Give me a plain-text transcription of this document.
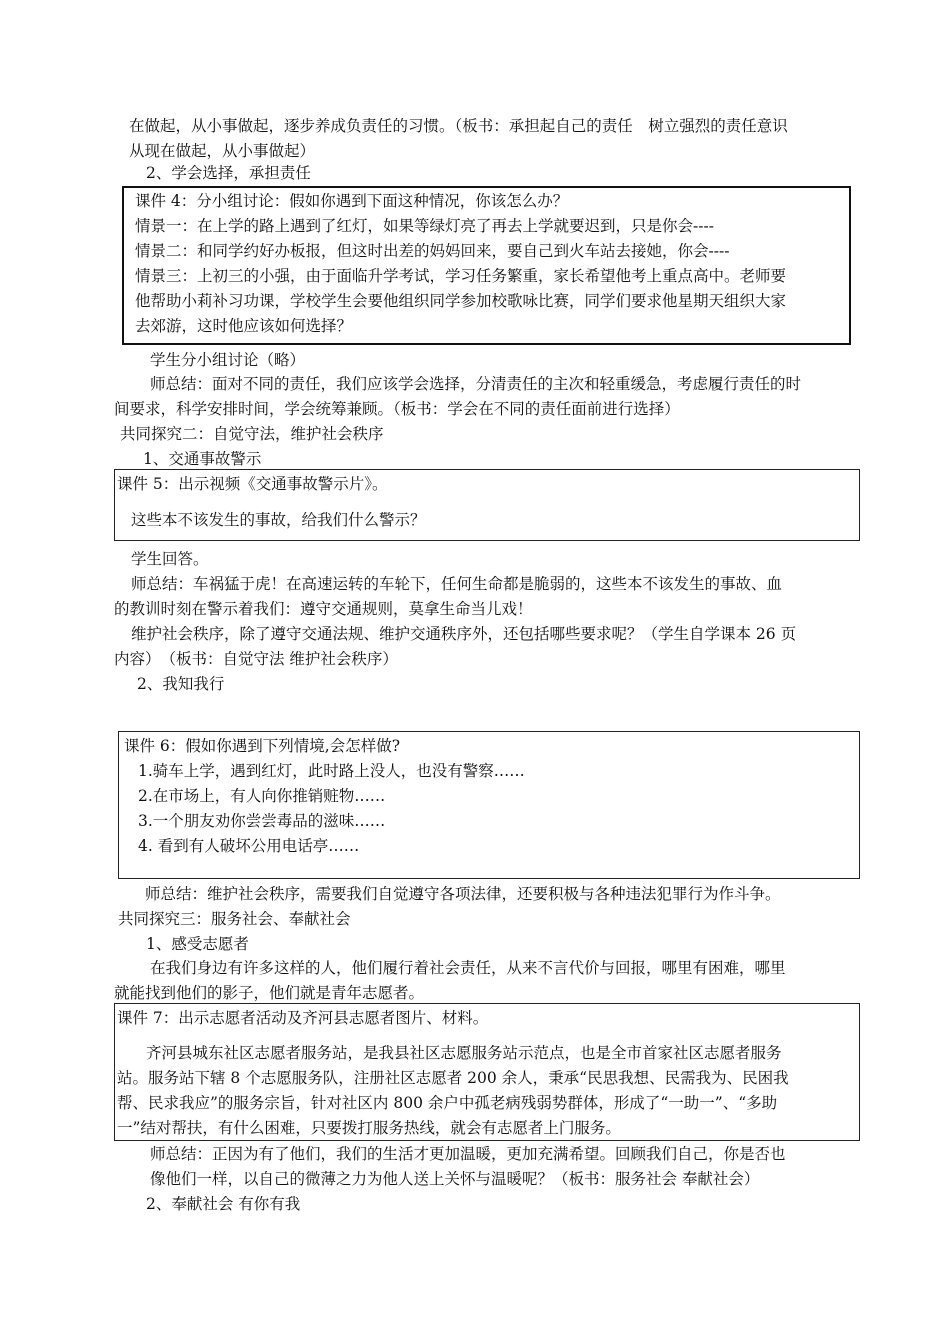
在做起，从小事做起，逐步养成负责任的习惯。（板书：承担起自己的责任　树立强烈的责任意识
从现在做起，从小事做起）
2、学会选择，承担责任
课件 4：分小组讨论：假如你遇到下面这种情况，你该怎么办？
情景一：在上学的路上遇到了红灯，如果等绿灯亮了再去上学就要迟到，只是你会----
情景二：和同学约好办板报，但这时出差的妈妈回来，要自己到火车站去接她，你会----
情景三：上初三的小强，由于面临升学考试，学习任务繁重，家长希望他考上重点高中。老师要
他帮助小莉补习功课，学校学生会要他组织同学参加校歌咏比赛，同学们要求他星期天组织大家
去郊游，这时他应该如何选择？
学生分小组讨论（略）
师总结：面对不同的责任，我们应该学会选择，分清责任的主次和轻重缓急，考虑履行责任的时
间要求，科学安排时间，学会统筹兼顾。（板书：学会在不同的责任面前进行选择）
共同探究二：自觉守法，维护社会秩序
1、交通事故警示
课件 5：出示视频《交通事故警示片》。
这些本不该发生的事故，给我们什么警示？
学生回答。
师总结：车祸猛于虎！在高速运转的车轮下，任何生命都是脆弱的，这些本不该发生的事故、血
的教训时刻在警示着我们：遵守交通规则，莫拿生命当儿戏！
维护社会秩序，除了遵守交通法规、维护交通秩序外，还包括哪些要求呢？（学生自学课本 26 页
内容）　（板书：自觉守法 维护社会秩序）
2、我知我行
课件 6：假如你遇到下列情境,会怎样做?
1.骑车上学，遇到红灯，此时路上没人，也没有警察……
2.在市场上，有人向你推销赃物……
3.一个朋友劝你尝尝毒品的滋味……
4. 看到有人破坏公用电话亭……
师总结：维护社会秩序，需要我们自觉遵守各项法律，还要积极与各种违法犯罪行为作斗争。
共同探究三：服务社会、奉献社会
1、感受志愿者
在我们身边有许多这样的人，他们履行着社会责任，从来不言代价与回报，哪里有困难，哪里
就能找到他们的影子，他们就是青年志愿者。
课件 7：出示志愿者活动及齐河县志愿者图片、材料。
齐河县城东社区志愿者服务站，是我县社区志愿服务站示范点，也是全市首家社区志愿者服务
站。服务站下辖 8 个志愿服务队，注册社区志愿者 200 余人，秉承“民思我想、民需我为、民困我
帮、民求我应”的服务宗旨，针对社区内 800 余户中孤老病残弱势群体，形成了“一助一”、“多助
一”结对帮扶，有什么困难，只要拨打服务热线，就会有志愿者上门服务。
师总结：正因为有了他们，我们的生活才更加温暖，更加充满希望。回顾我们自己，你是否也
像他们一样，以自己的微薄之力为他人送上关怀与温暖呢？（板书：服务社会 奉献社会）
2、奉献社会 有你有我
